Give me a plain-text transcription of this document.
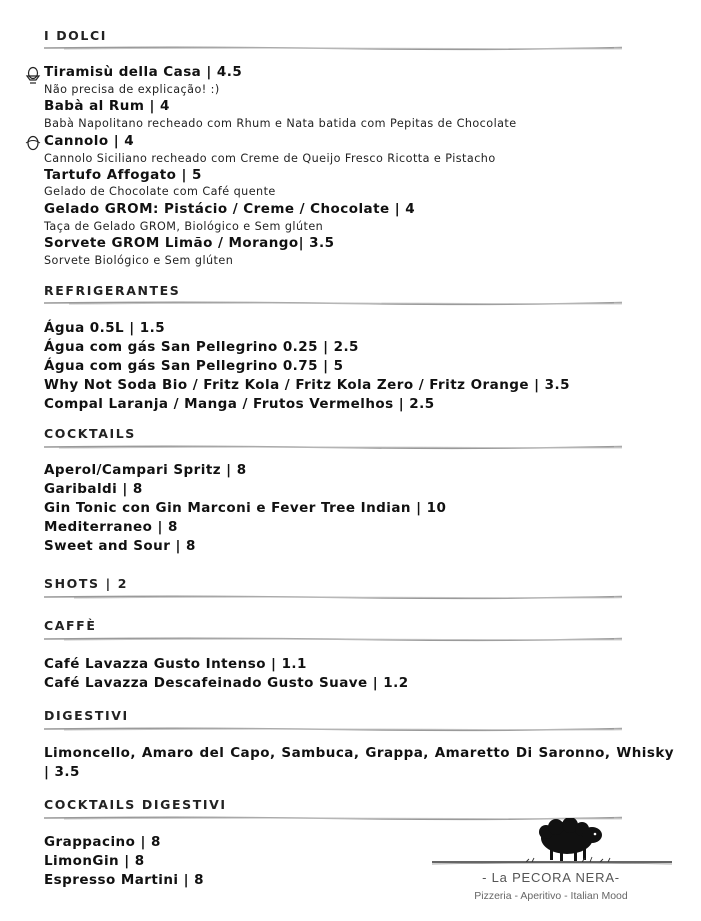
I DOLCI
Tiramisù della Casa | 4.5
Não precisa de explicação! :)
Babà al Rum | 4
Babà Napolitano recheado com Rhum e Nata batida com Pepitas de Chocolate
Cannolo | 4
Cannolo Siciliano recheado com Creme de Queijo Fresco Ricotta e Pistacho
Tartufo Affogato | 5
Gelado de Chocolate com Café quente
Gelado GROM: Pistácio / Creme / Chocolate | 4
Taça de Gelado GROM, Biológico e Sem glúten
Sorvete GROM Limão / Morango| 3.5
Sorvete Biológico e Sem glúten
REFRIGERANTES
Água 0.5L | 1.5
Água com gás San Pellegrino 0.25 | 2.5
Água com gás San Pellegrino 0.75 | 5
Why Not Soda Bio / Fritz Kola / Fritz Kola Zero / Fritz Orange | 3.5
Compal Laranja / Manga / Frutos Vermelhos | 2.5
COCKTAILS
Aperol/Campari Spritz | 8
Garibaldi | 8
Gin Tonic con Gin Marconi e Fever Tree Indian | 10
Mediterraneo | 8
Sweet and Sour | 8
SHOTS | 2
CAFFÈ
Café Lavazza Gusto Intenso | 1.1
Café Lavazza Descafeinado Gusto Suave | 1.2
DIGESTIVI
Limoncello, Amaro del Capo, Sambuca, Grappa, Amaretto Di Saronno, Whisky | 3.5
COCKTAILS DIGESTIVI
Grappacino | 8
LimonGin | 8
Espresso Martini | 8	- La PECORA NERA-
Pizzeria - Aperitivo - Italian Mood
